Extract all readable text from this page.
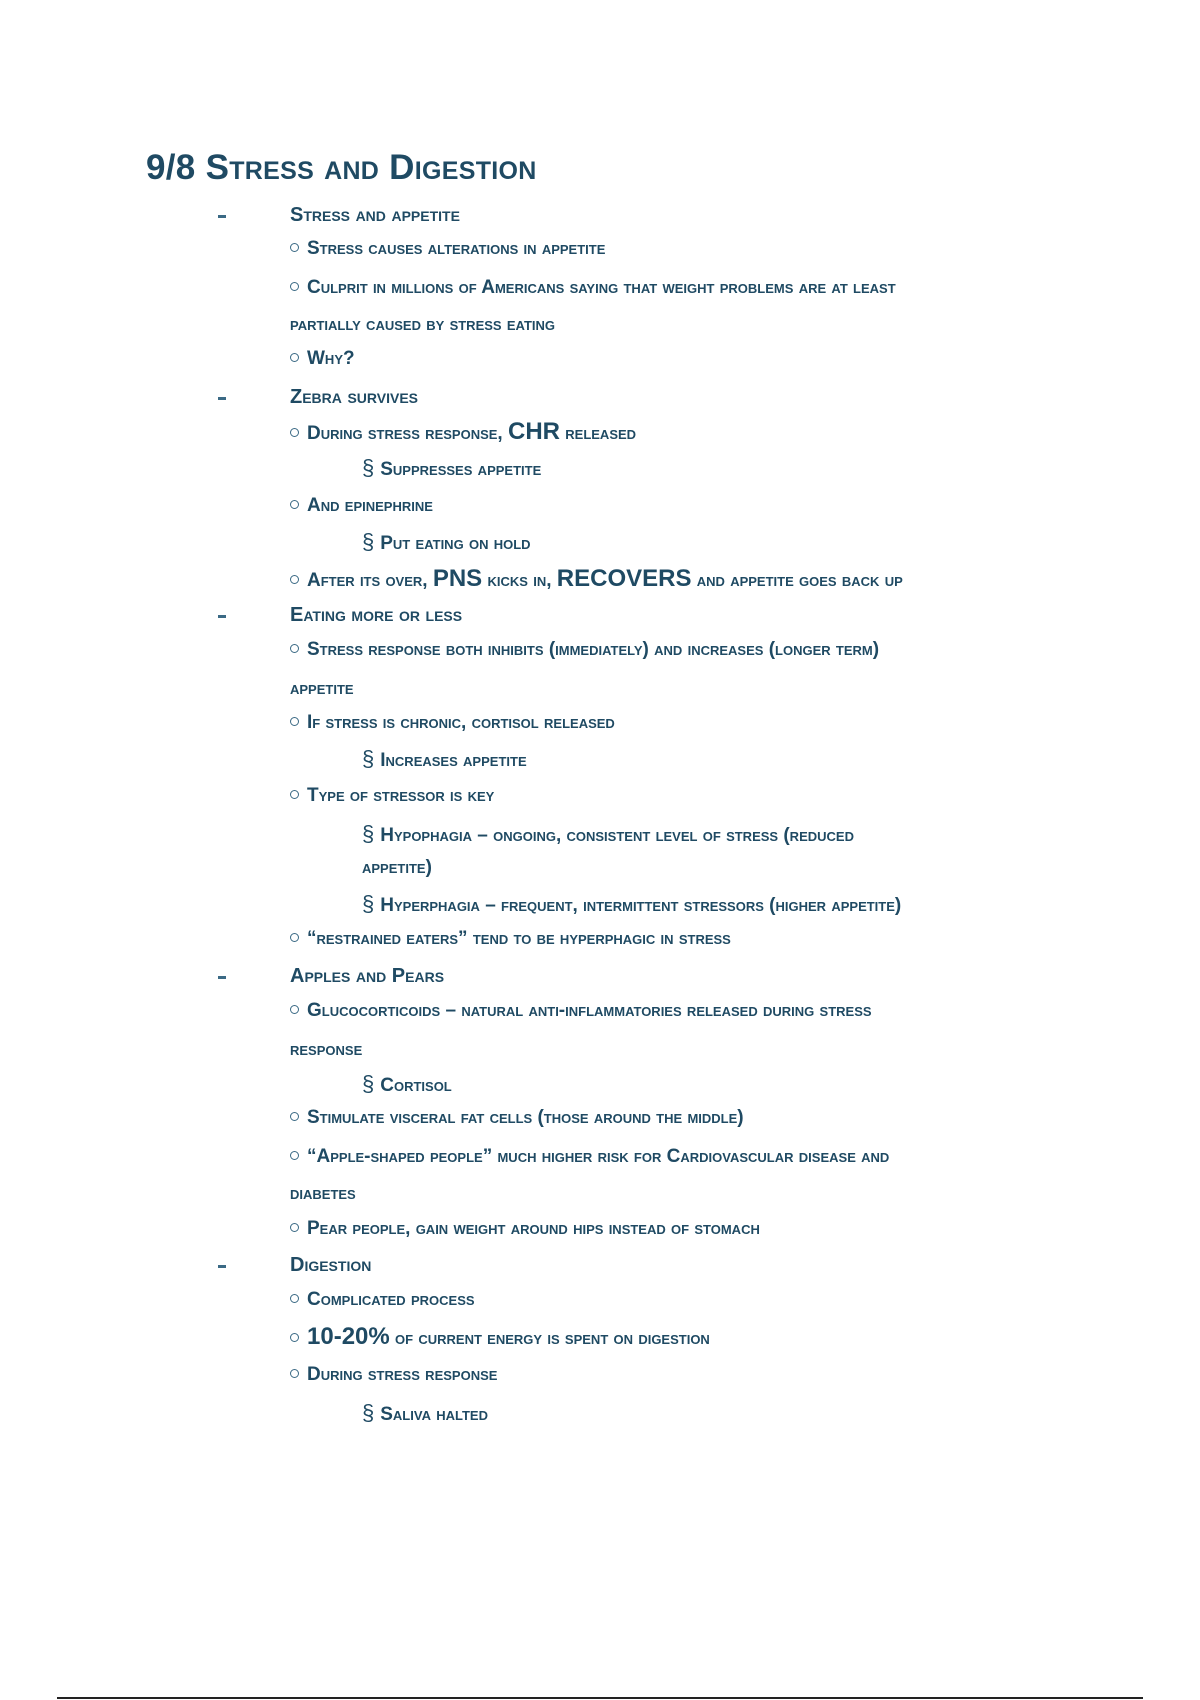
9/8 Stress and Digestion
Stress and appetite
Stress causes alterations in appetite
Culprit in millions of Americans saying that weight problems are at least
partially caused by stress eating
Why?
Zebra survives
During stress response, CHR released
§ Suppresses appetite
And epinephrine
§ Put eating on hold
After its over, PNS kicks in, RECOVERS and appetite goes back up
Eating more or less
Stress response both inhibits (immediately) and increases (longer term)
appetite
If stress is chronic, cortisol released
§ Increases appetite
Type of stressor is key
§ Hypophagia – ongoing, consistent level of stress (reduced
appetite)
§ Hyperphagia – frequent, intermittent stressors (higher appetite)
“restrained eaters” tend to be hyperphagic in stress
Apples and Pears
Glucocorticoids – natural anti-inflammatories released during stress
response
§ Cortisol
Stimulate visceral fat cells (those around the middle)
“Apple-shaped people” much higher risk for Cardiovascular disease and
diabetes
Pear people, gain weight around hips instead of stomach
Digestion
Complicated process
10-20% of current energy is spent on digestion
During stress response
§ Saliva halted
